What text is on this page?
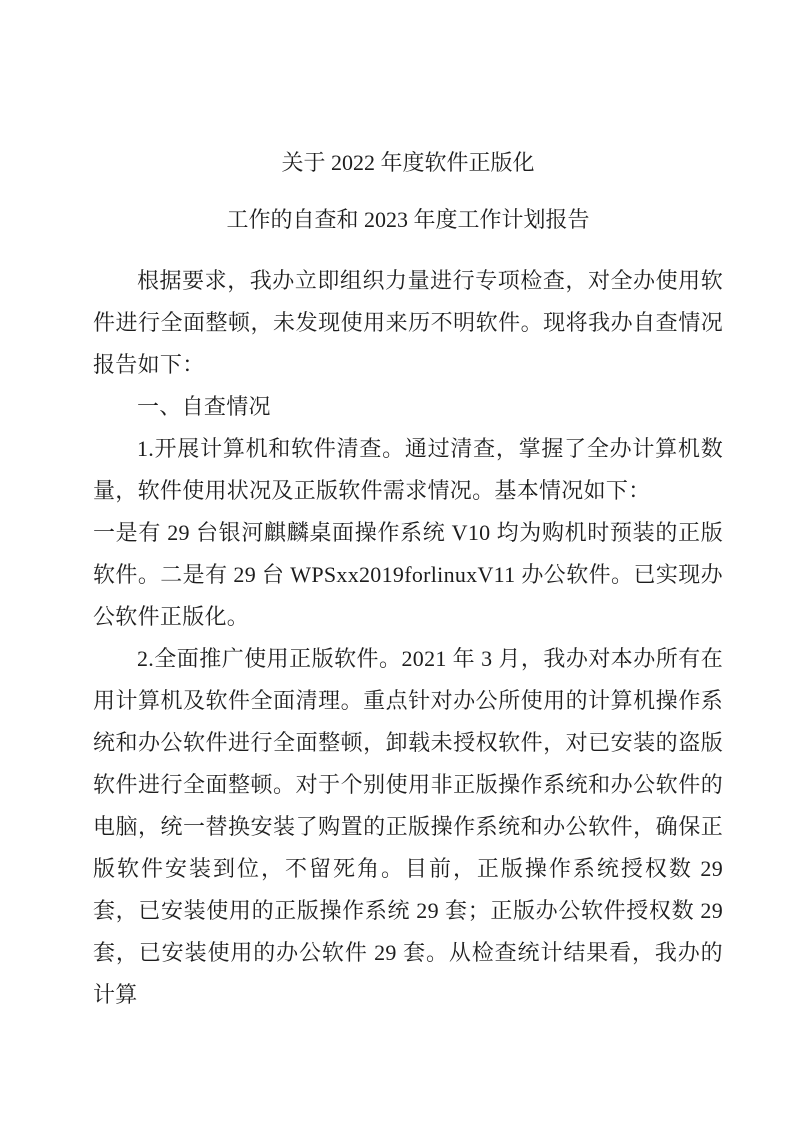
关于 2022 年度软件正版化
工作的自查和 2023 年度工作计划报告

根据要求，我办立即组织力量进行专项检查，对全办使用软件进行全面整顿，未发现使用来历不明软件。现将我办自查情况报告如下：

一、自查情况

1.开展计算机和软件清查。通过清查，掌握了全办计算机数量，软件使用状况及正版软件需求情况。基本情况如下：

一是有 29 台银河麒麟桌面操作系统 V10 均为购机时预装的正版软件。二是有 29 台 WPSxx2019forlinuxV11 办公软件。已实现办公软件正版化。

2.全面推广使用正版软件。2021 年 3 月，我办对本办所有在用计算机及软件全面清理。重点针对办公所使用的计算机操作系统和办公软件进行全面整顿，卸载未授权软件，对已安装的盗版软件进行全面整顿。对于个别使用非正版操作系统和办公软件的电脑，统一替换安装了购置的正版操作系统和办公软件，确保正版软件安装到位，不留死角。目前，正版操作系统授权数 29 套，已安装使用的正版操作系统 29 套；正版办公软件授权数 29 套，已安装使用的办公软件 29 套。从检查统计结果看，我办的计算
